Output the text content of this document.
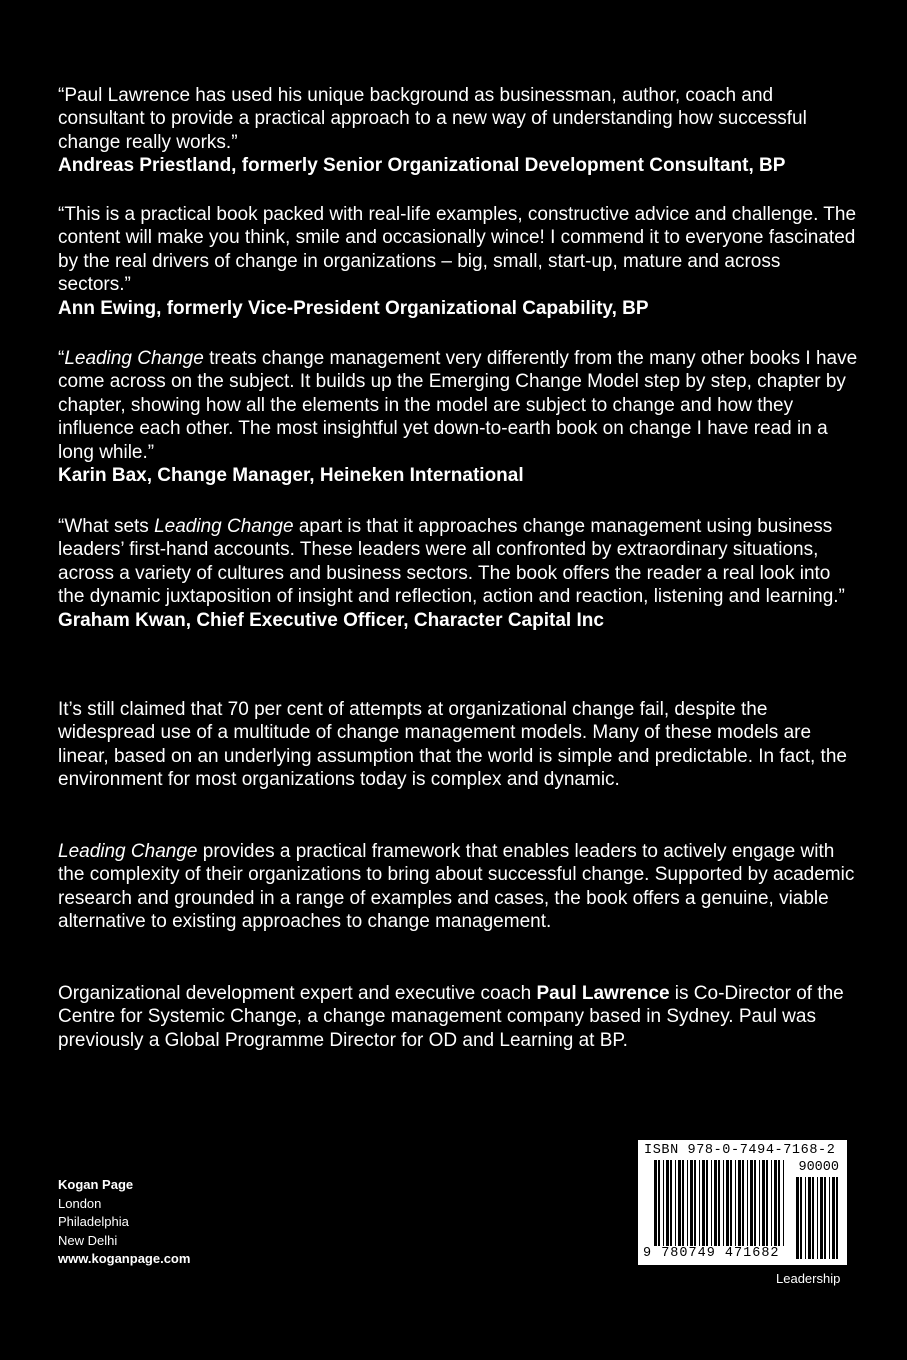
“Paul Lawrence has used his unique background as businessman, author, coach and consultant to provide a practical approach to a new way of understanding how successful change really works.”
Andreas Priestland, formerly Senior Organizational Development Consultant, BP
“This is a practical book packed with real-life examples, constructive advice and challenge. The content will make you think, smile and occasionally wince! I commend it to everyone fascinated by the real drivers of change in organizations – big, small, start-up, mature and across sectors.”
Ann Ewing, formerly Vice-President Organizational Capability, BP
“Leading Change treats change management very differently from the many other books I have come across on the subject. It builds up the Emerging Change Model step by step, chapter by chapter, showing how all the elements in the model are subject to change and how they influence each other. The most insightful yet down-to-earth book on change I have read in a long while.”
Karin Bax, Change Manager, Heineken International
“What sets Leading Change apart is that it approaches change management using business leaders’ first-hand accounts. These leaders were all confronted by extraordinary situations, across a variety of cultures and business sectors. The book offers the reader a real look into the dynamic juxtaposition of insight and reflection, action and reaction, listening and learning.”
Graham Kwan, Chief Executive Officer, Character Capital Inc
It’s still claimed that 70 per cent of attempts at organizational change fail, despite the widespread use of a multitude of change management models. Many of these models are linear, based on an underlying assumption that the world is simple and predictable. In fact, the environment for most organizations today is complex and dynamic.
Leading Change provides a practical framework that enables leaders to actively engage with the complexity of their organizations to bring about successful change. Supported by academic research and grounded in a range of examples and cases, the book offers a genuine, viable alternative to existing approaches to change management.
Organizational development expert and executive coach Paul Lawrence is Co-Director of the Centre for Systemic Change, a change management company based in Sydney. Paul was previously a Global Programme Director for OD and Learning at BP.
Kogan Page
London
Philadelphia
New Delhi
www.koganpage.com
ISBN 978-0-7494-7168-2
90000
9 780749 471682
Leadership
